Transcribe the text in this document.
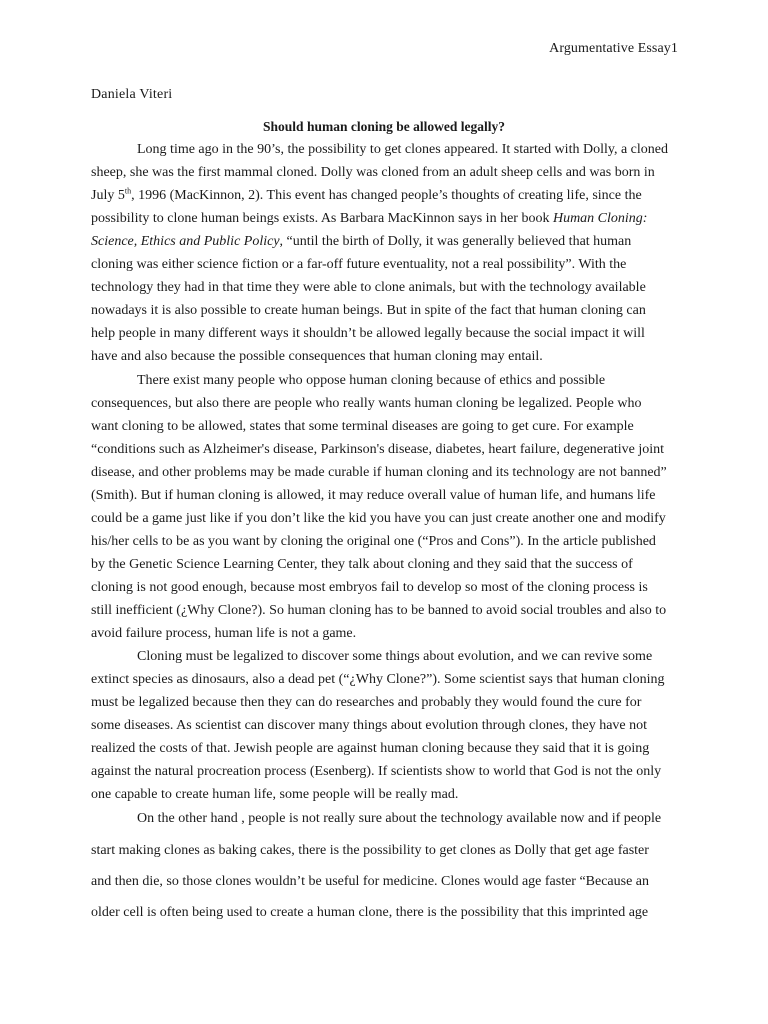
Argumentative Essay1
Daniela Viteri
Should human cloning be allowed legally?
Long time ago in the 90’s, the possibility to get clones appeared. It started with Dolly, a cloned
sheep, she was the first mammal cloned. Dolly was cloned from an adult sheep cells and was born in
July 5th, 1996 (MacKinnon, 2). This event has changed people’s thoughts of creating life, since the
possibility to clone human beings exists. As Barbara MacKinnon says in her book Human Cloning:
Science, Ethics and Public Policy, “until the birth of Dolly, it was generally believed that human
cloning was either science fiction or a far-off future eventuality, not a real possibility”. With the
technology they had in that time they were able to clone animals, but with the technology available
nowadays it is also possible to create human beings. But in spite of the fact that human cloning can
help people in many different ways it shouldn’t be allowed legally because the social impact it will
have and also because the possible consequences that human cloning may entail.
There exist many people who oppose human cloning because of ethics and possible
consequences, but also there are people who really wants human cloning be legalized. People who
want cloning to be allowed, states that some terminal diseases are going to get cure. For example
“conditions such as Alzheimer's disease, Parkinson's disease, diabetes, heart failure, degenerative joint
disease, and other problems may be made curable if human cloning and its technology are not banned”
(Smith). But if human cloning is allowed, it may reduce overall value of human life, and humans life
could be a game just like if you don’t like the kid you have you can just create another one and modify
his/her cells to be as you want by cloning the original one (“Pros and Cons”). In the article published
by the Genetic Science Learning Center, they talk about cloning and they said that the success of
cloning is not good enough, because most embryos fail to develop so most of the cloning process is
still inefficient (¿Why Clone?). So human cloning has to be banned to avoid social troubles and also to
avoid failure process, human life is not a game.
Cloning must be legalized to discover some things about evolution, and we can revive some
extinct species as dinosaurs, also a dead pet (“¿Why Clone?”). Some scientist says that human cloning
must be legalized because then they can do researches and probably they would found the cure for
some diseases. As scientist can discover many things about evolution through clones, they have not
realized the costs of that. Jewish people are against human cloning because they said that it is going
against the natural procreation process (Esenberg). If scientists show to world that God is not the only
one capable to create human life, some people will be really mad.
On the other hand , people is not really sure about the technology available now and if people
start making clones as baking cakes, there is the possibility to get clones as Dolly that get age faster
and then die, so those clones wouldn’t be useful for medicine. Clones would age faster “Because an
older cell is often being used to create a human clone, there is the possibility that this imprinted age
